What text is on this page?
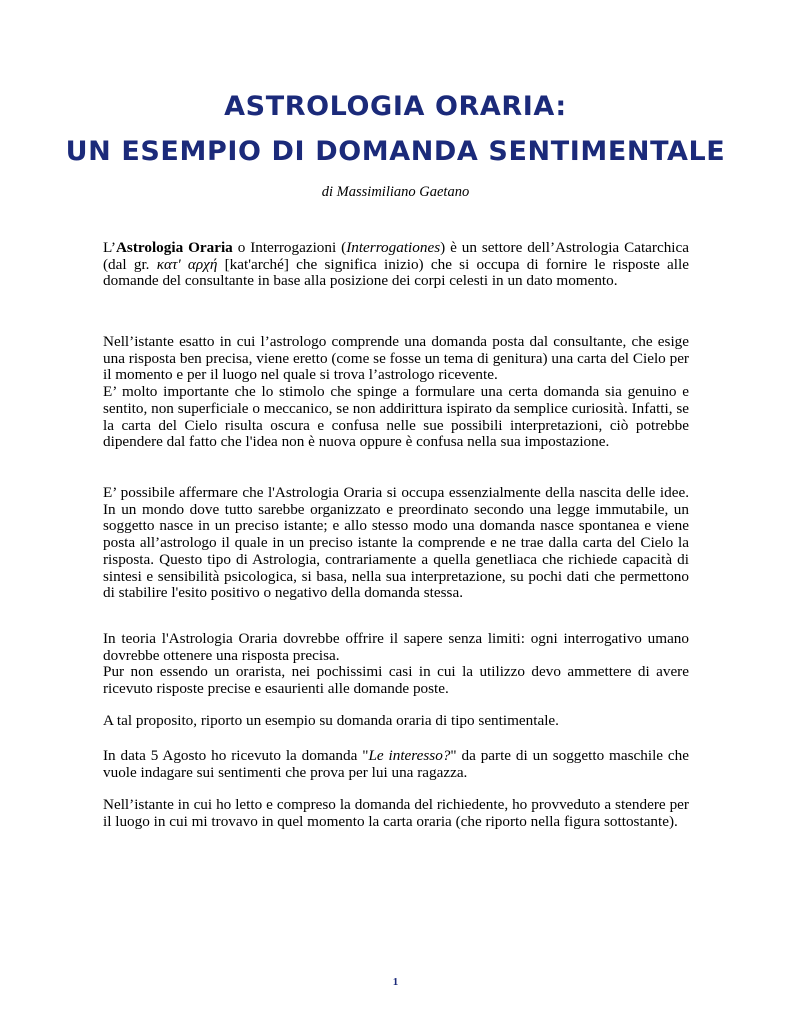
ASTROLOGIA ORARIA:
UN ESEMPIO DI DOMANDA SENTIMENTALE
di Massimiliano Gaetano

L’Astrologia Oraria o Interrogazioni (Interrogationes) è un settore dell’Astrologia Catarchica (dal gr. κατ' αρχή [kat'arché] che significa inizio) che si occupa di fornire le risposte alle domande del consultante in base alla posizione dei corpi celesti in un dato momento.

Nell’istante esatto in cui l’astrologo comprende una domanda posta dal consultante, che esige una risposta ben precisa, viene eretto (come se fosse un tema di genitura) una carta del Cielo per il momento e per il luogo nel quale si trova l’astrologo ricevente.

E’ molto importante che lo stimolo che spinge a formulare una certa domanda sia genuino e sentito, non superficiale o meccanico, se non addirittura ispirato da semplice curiosità. Infatti, se la carta del Cielo risulta oscura e confusa nelle sue possibili interpretazioni, ciò potrebbe dipendere dal fatto che l'idea non è nuova oppure è confusa nella sua impostazione.

E’ possibile affermare che l'Astrologia Oraria si occupa essenzialmente della nascita delle idee. In un mondo dove tutto sarebbe organizzato e preordinato secondo una legge immutabile, un soggetto nasce in un preciso istante; e allo stesso modo una domanda nasce spontanea e viene posta all’astrologo il quale in un preciso istante la comprende e ne trae dalla carta del Cielo la risposta. Questo tipo di Astrologia, contrariamente a quella genetliaca che richiede capacità di sintesi e sensibilità psicologica, si basa, nella sua interpretazione, su pochi dati che permettono di stabilire l'esito positivo o negativo della domanda stessa.

In teoria l'Astrologia Oraria dovrebbe offrire il sapere senza limiti: ogni interrogativo umano dovrebbe ottenere una risposta precisa.

Pur non essendo un orarista, nei pochissimi casi in cui la utilizzo devo ammettere di avere ricevuto risposte precise e esaurienti alle domande poste.

A tal proposito, riporto un esempio su domanda oraria di tipo sentimentale.

In data 5 Agosto ho ricevuto la domanda "Le interesso?" da parte di un soggetto maschile che vuole indagare sui sentimenti che prova per lui una ragazza.

Nell’istante in cui ho letto e compreso la domanda del richiedente, ho provveduto a stendere per il luogo in cui mi trovavo in quel momento la carta oraria (che riporto nella figura sottostante).

1
